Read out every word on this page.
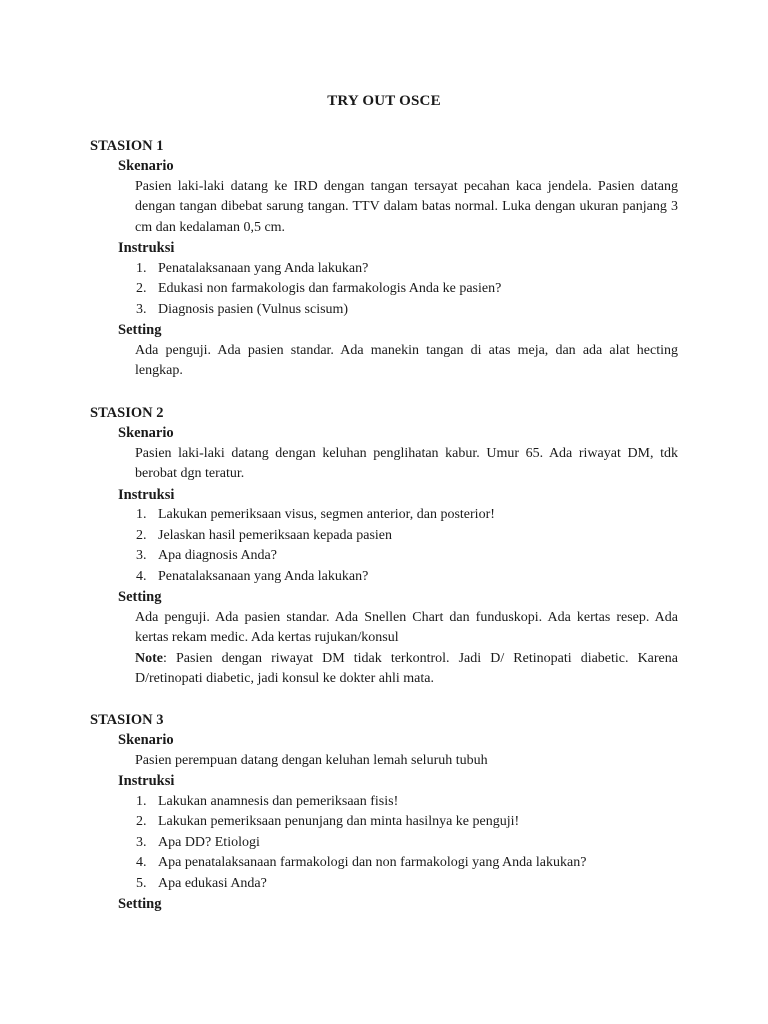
TRY OUT OSCE
STASION 1
Skenario

Pasien laki-laki datang ke IRD dengan tangan tersayat pecahan kaca jendela. Pasien datang dengan tangan dibebat sarung tangan. TTV dalam batas normal. Luka dengan ukuran panjang 3 cm dan kedalaman 0,5 cm.

Instruksi
1. Penatalaksanaan yang Anda lakukan?
2. Edukasi non farmakologis dan farmakologis Anda ke pasien?
3. Diagnosis pasien (Vulnus scisum)
Setting

Ada penguji. Ada pasien standar. Ada manekin tangan di atas meja, dan ada alat hecting lengkap.

STASION 2
Skenario

Pasien laki-laki datang dengan keluhan penglihatan kabur. Umur 65. Ada riwayat DM, tdk berobat dgn teratur.

Instruksi
1. Lakukan pemeriksaan visus, segmen anterior, dan posterior!
2. Jelaskan hasil pemeriksaan kepada pasien
3. Apa diagnosis Anda?
4. Penatalaksanaan yang Anda lakukan?
Setting

Ada penguji. Ada pasien standar. Ada Snellen Chart dan funduskopi. Ada kertas resep. Ada kertas rekam medic. Ada kertas rujukan/konsul

Note: Pasien dengan riwayat DM tidak terkontrol. Jadi D/ Retinopati diabetic. Karena D/retinopati diabetic, jadi konsul ke dokter ahli mata.

STASION 3
Skenario

Pasien perempuan datang dengan keluhan lemah seluruh tubuh

Instruksi
1. Lakukan anamnesis dan pemeriksaan fisis!
2. Lakukan pemeriksaan penunjang dan minta hasilnya ke penguji!
3. Apa DD? Etiologi
4. Apa penatalaksanaan farmakologi dan non farmakologi yang Anda lakukan?
5. Apa edukasi Anda?
Setting
